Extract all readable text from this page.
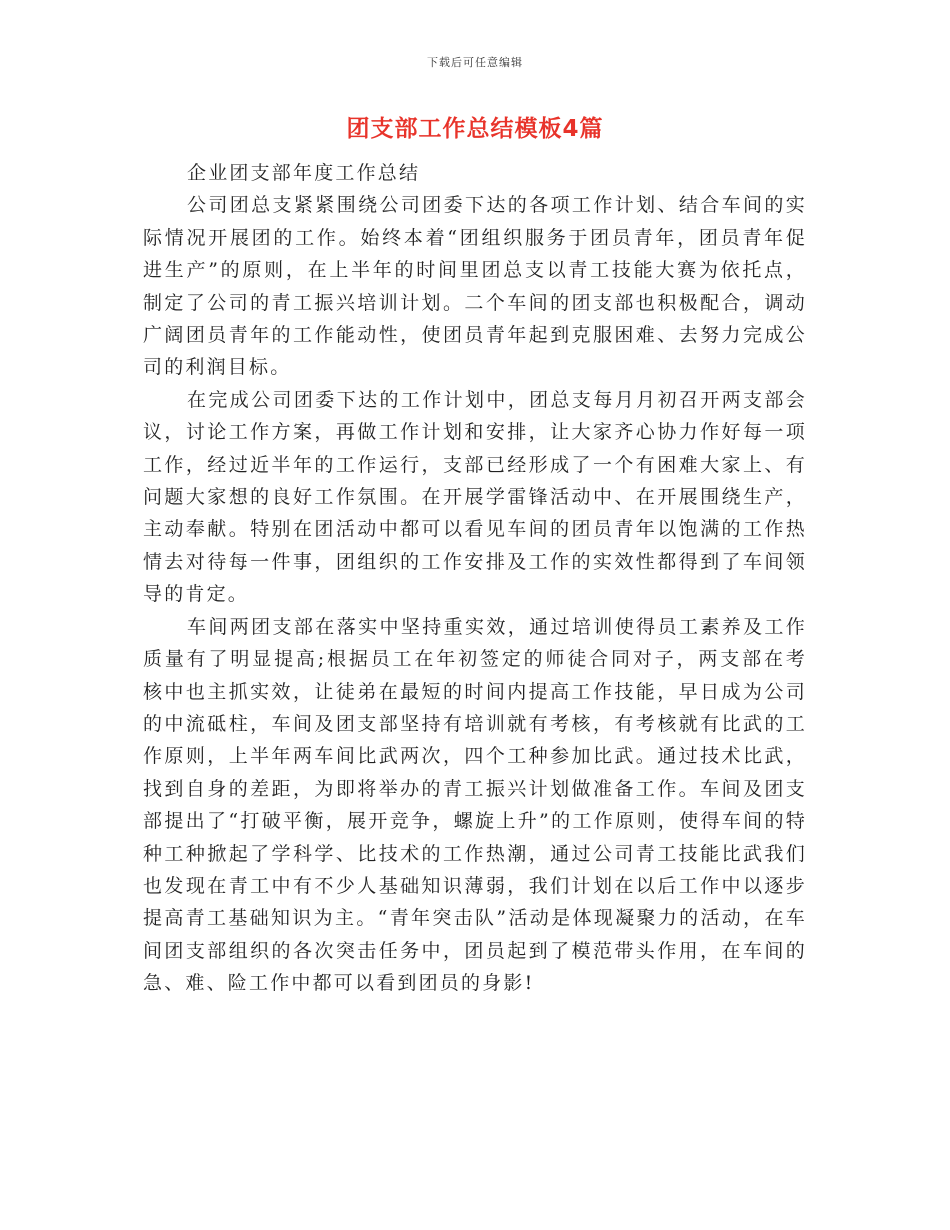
下载后可任意编辑
团支部工作总结模板4篇

企业团支部年度工作总结

公司团总支紧紧围绕公司团委下达的各项工作计划、结合车间的实际情况开展团的工作。始终本着“团组织服务于团员青年，团员青年促进生产”的原则，在上半年的时间里团总支以青工技能大赛为依托点，制定了公司的青工振兴培训计划。二个车间的团支部也积极配合，调动广阔团员青年的工作能动性，使团员青年起到克服困难、去努力完成公司的利润目标。

在完成公司团委下达的工作计划中，团总支每月月初召开两支部会议，讨论工作方案，再做工作计划和安排，让大家齐心协力作好每一项工作，经过近半年的工作运行，支部已经形成了一个有困难大家上、有问题大家想的良好工作氛围。在开展学雷锋活动中、在开展围绕生产，主动奉献。特别在团活动中都可以看见车间的团员青年以饱满的工作热情去对待每一件事，团组织的工作安排及工作的实效性都得到了车间领导的肯定。

车间两团支部在落实中坚持重实效，通过培训使得员工素养及工作质量有了明显提高;根据员工在年初签定的师徒合同对子，两支部在考核中也主抓实效，让徒弟在最短的时间内提高工作技能，早日成为公司的中流砥柱，车间及团支部坚持有培训就有考核，有考核就有比武的工作原则，上半年两车间比武两次，四个工种参加比武。通过技术比武，找到自身的差距，为即将举办的青工振兴计划做准备工作。车间及团支部提出了“打破平衡，展开竞争，螺旋上升”的工作原则，使得车间的特种工种掀起了学科学、比技术的工作热潮，通过公司青工技能比武我们也发现在青工中有不少人基础知识薄弱，我们计划在以后工作中以逐步提高青工基础知识为主。“青年突击队”活动是体现凝聚力的活动，在车间团支部组织的各次突击任务中，团员起到了模范带头作用，在车间的急、难、险工作中都可以看到团员的身影!
